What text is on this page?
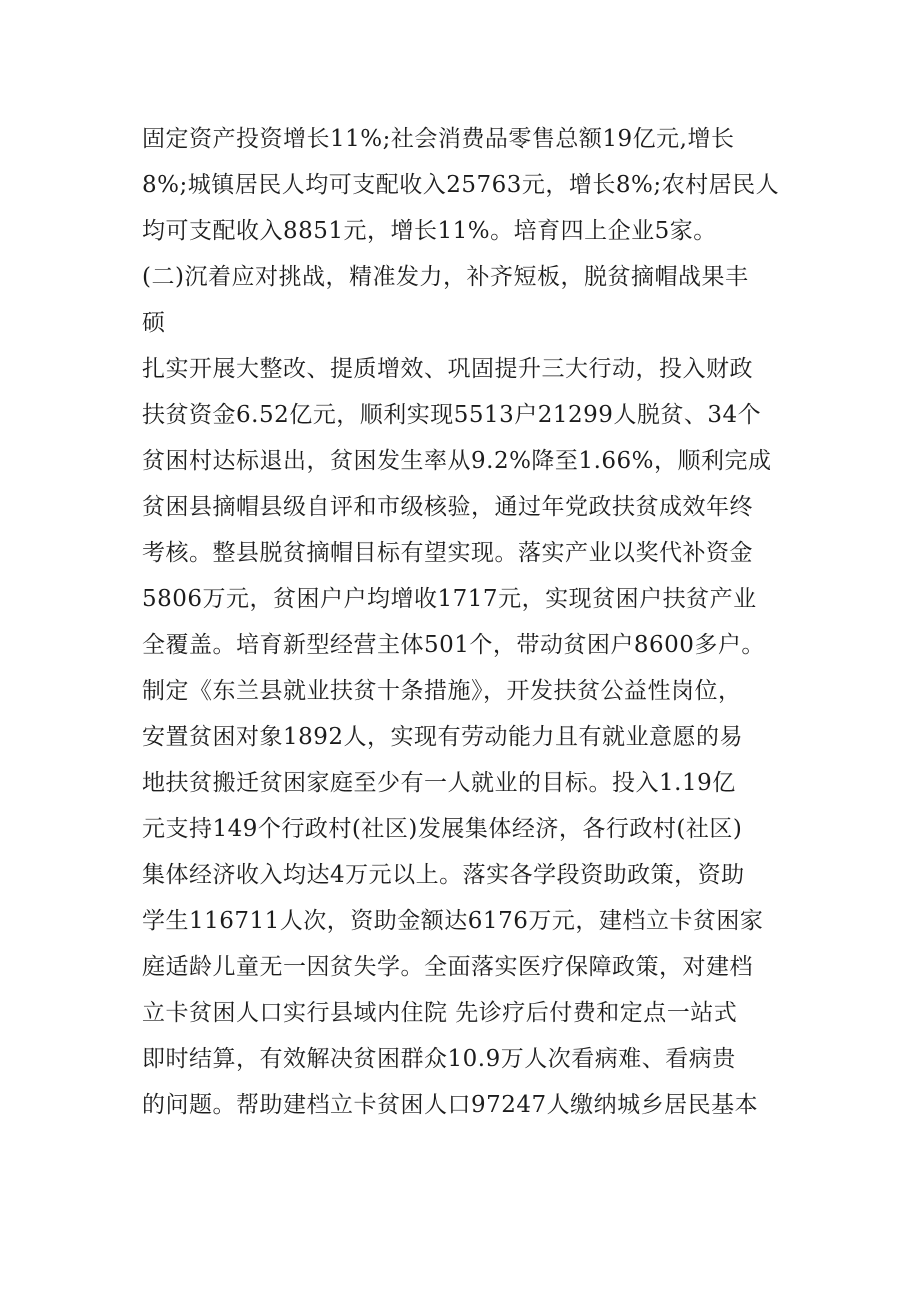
固定资产投资增长11%;社会消费品零售总额19亿元,增长
8%;城镇居民人均可支配收入25763元，增长8%;农村居民人
均可支配收入8851元，增长11%。培育四上企业5家。
(二)沉着应对挑战，精准发力，补齐短板，脱贫摘帽战果丰
硕
扎实开展大整改、提质增效、巩固提升三大行动，投入财政
扶贫资金6.52亿元，顺利实现5513户21299人脱贫、34个
贫困村达标退出，贫困发生率从9.2%降至1.66%，顺利完成
贫困县摘帽县级自评和市级核验，通过年党政扶贫成效年终
考核。整县脱贫摘帽目标有望实现。落实产业以奖代补资金
5806万元，贫困户户均增收1717元，实现贫困户扶贫产业
全覆盖。培育新型经营主体501个，带动贫困户8600多户。
制定《东兰县就业扶贫十条措施》，开发扶贫公益性岗位，
安置贫困对象1892人，实现有劳动能力且有就业意愿的易
地扶贫搬迁贫困家庭至少有一人就业的目标。投入1.19亿
元支持149个行政村(社区)发展集体经济，各行政村(社区)
集体经济收入均达4万元以上。落实各学段资助政策，资助
学生116711人次，资助金额达6176万元，建档立卡贫困家
庭适龄儿童无一因贫失学。全面落实医疗保障政策，对建档
立卡贫困人口实行县域内住院 先诊疗后付费和定点一站式
即时结算，有效解决贫困群众10.9万人次看病难、看病贵
的问题。帮助建档立卡贫困人口97247人缴纳城乡居民基本
